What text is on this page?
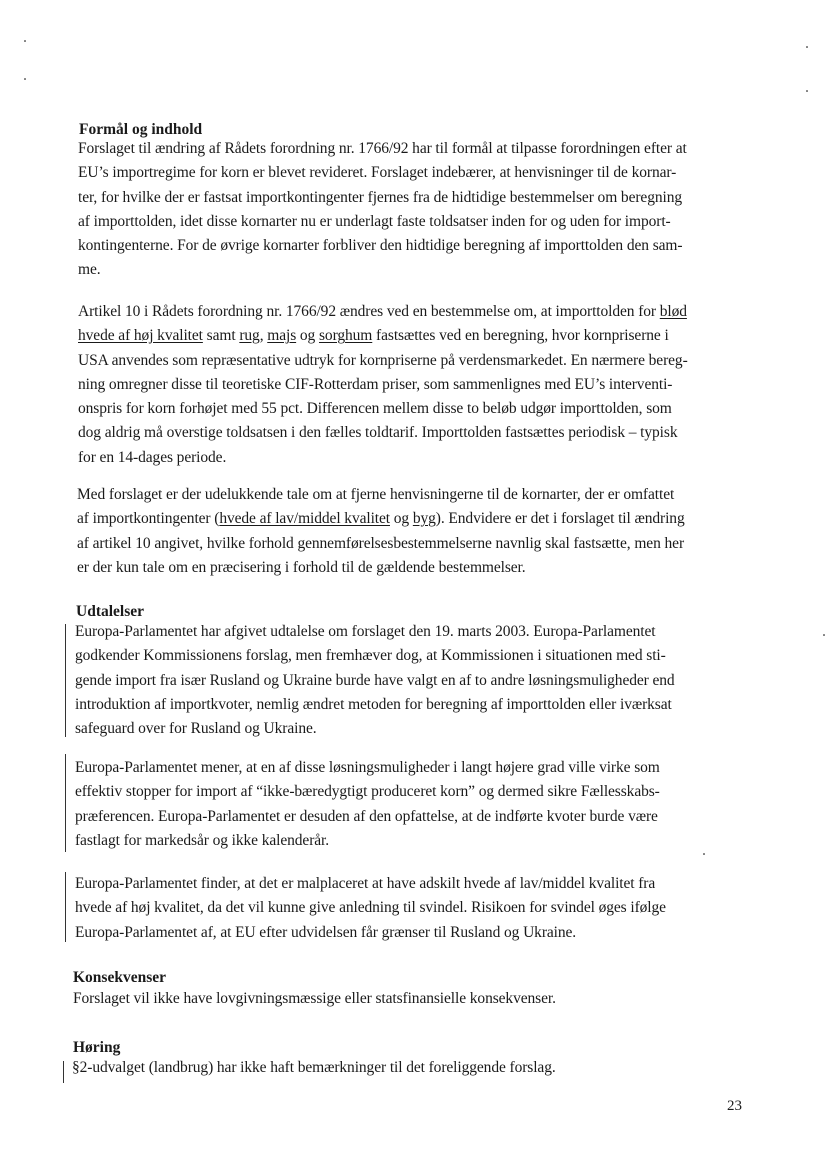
Formål og indhold
Forslaget til ændring af Rådets forordning nr. 1766/92 har til formål at tilpasse forordningen efter at
EU’s importregime for korn er blevet revideret. Forslaget indebærer, at henvisninger til de kornar-
ter, for hvilke der er fastsat importkontingenter fjernes fra de hidtidige bestemmelser om beregning
af importtolden, idet disse kornarter nu er underlagt faste toldsatser inden for og uden for import-
kontingenterne. For de øvrige kornarter forbliver den hidtidige beregning af importtolden den sam-
me.
Artikel 10 i Rådets forordning nr. 1766/92 ændres ved en bestemmelse om, at importtolden for blød
hvede af høj kvalitet samt rug, majs og sorghum fastsættes ved en beregning, hvor kornpriserne i
USA anvendes som repræsentative udtryk for kornpriserne på verdensmarkedet. En nærmere bereg-
ning omregner disse til teoretiske CIF-Rotterdam priser, som sammenlignes med EU’s interventi-
onspris for korn forhøjet med 55 pct. Differencen mellem disse to beløb udgør importtolden, som
dog aldrig må overstige toldsatsen i den fælles toldtarif. Importtolden fastsættes periodisk – typisk
for en 14-dages periode.
Med forslaget er der udelukkende tale om at fjerne henvisningerne til de kornarter, der er omfattet
af importkontingenter (hvede af lav/middel kvalitet og byg). Endvidere er det i forslaget til ændring
af artikel 10 angivet, hvilke forhold gennemførelsesbestemmelserne navnlig skal fastsætte, men her
er der kun tale om en præcisering i forhold til de gældende bestemmelser.
Udtalelser
Europa-Parlamentet har afgivet udtalelse om forslaget den 19. marts 2003. Europa-Parlamentet
godkender Kommissionens forslag, men fremhæver dog, at Kommissionen i situationen med sti-
gende import fra især Rusland og Ukraine burde have valgt en af to andre løsningsmuligheder end
introduktion af importkvoter, nemlig ændret metoden for beregning af importtolden eller iværksat
safeguard over for Rusland og Ukraine.
Europa-Parlamentet mener, at en af disse løsningsmuligheder i langt højere grad ville virke som
effektiv stopper for import af “ikke-bæredygtigt produceret korn” og dermed sikre Fællesskabs-
præferencen. Europa-Parlamentet er desuden af den opfattelse, at de indførte kvoter burde være
fastlagt for markedsår og ikke kalenderår.
Europa-Parlamentet finder, at det er malplaceret at have adskilt hvede af lav/middel kvalitet fra
hvede af høj kvalitet, da det vil kunne give anledning til svindel. Risikoen for svindel øges ifølge
Europa-Parlamentet af, at EU efter udvidelsen får grænser til Rusland og Ukraine.
Konsekvenser
Forslaget vil ikke have lovgivningsmæssige eller statsfinansielle konsekvenser.
Høring
§2-udvalget (landbrug) har ikke haft bemærkninger til det foreliggende forslag.
23
